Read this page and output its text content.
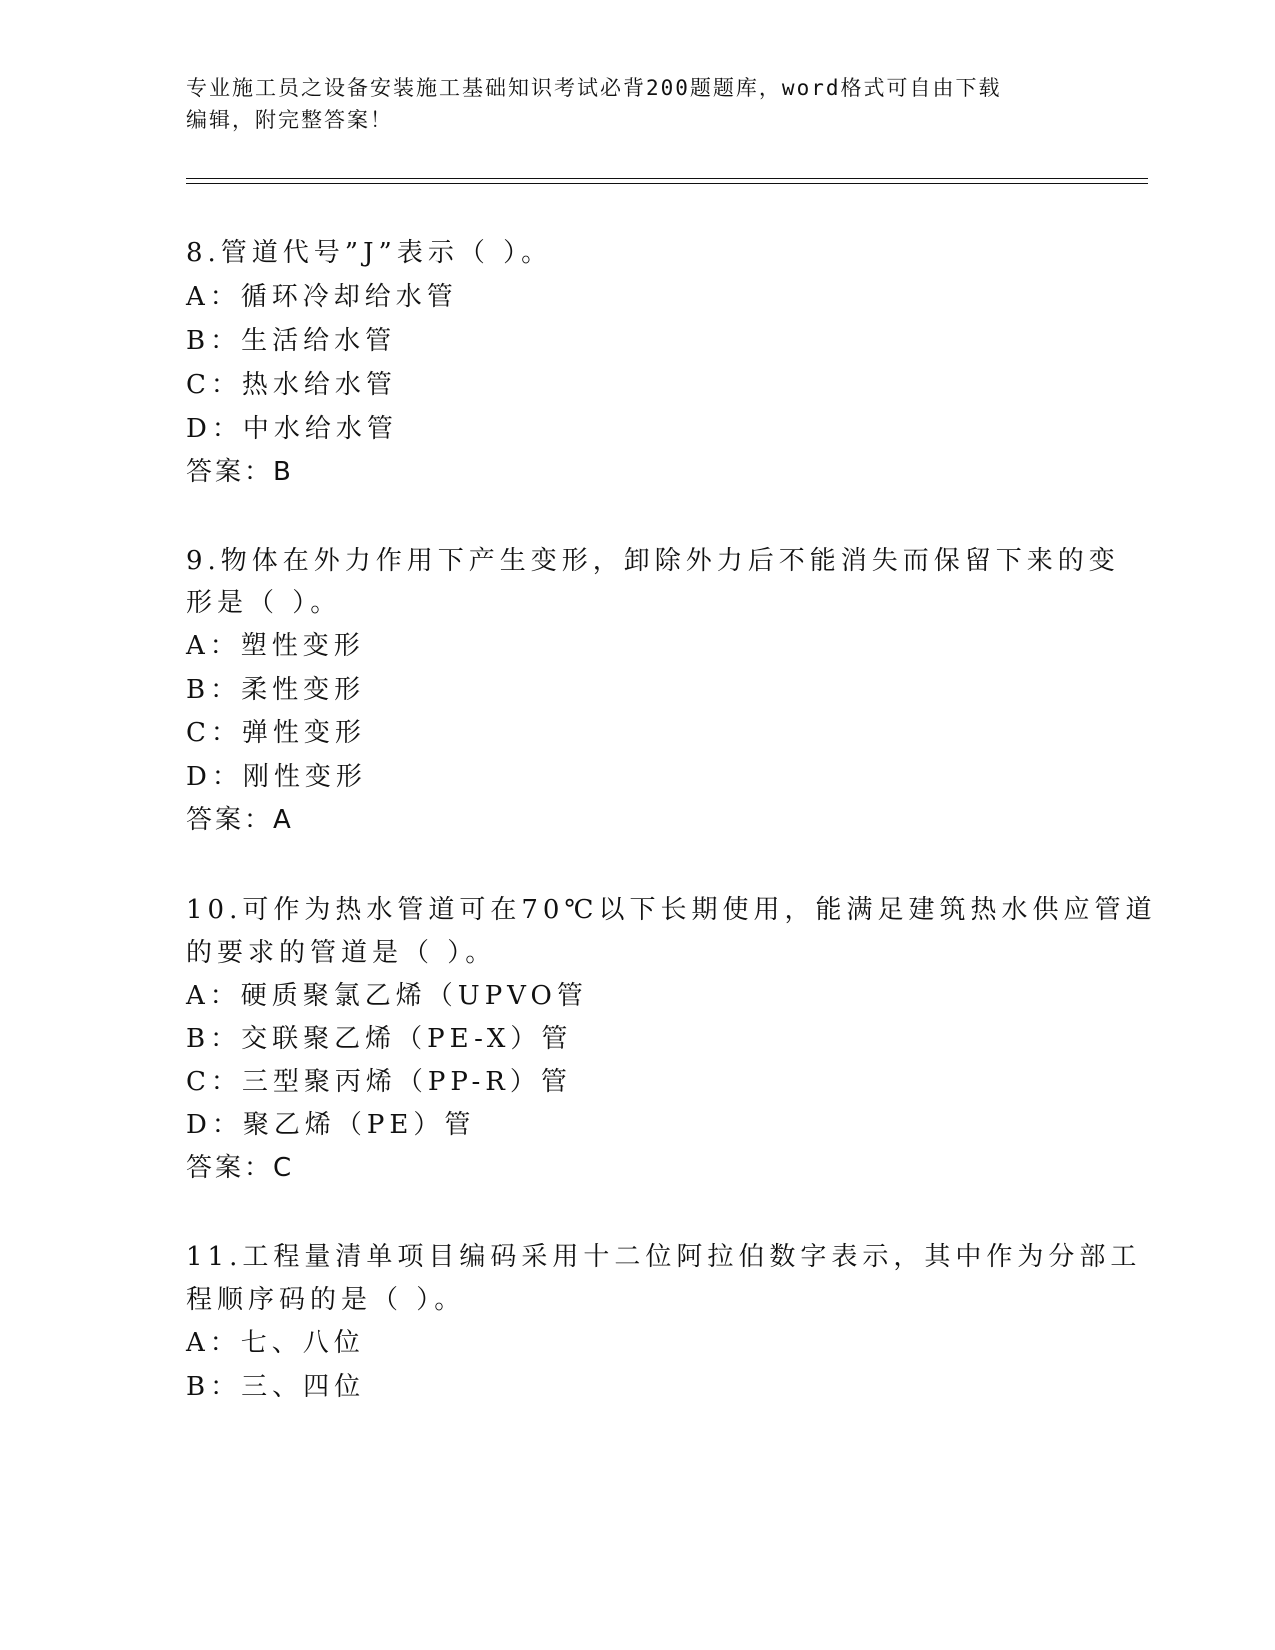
专业施工员之设备安装施工基础知识考试必背200题题库，word格式可自由下载
编辑，附完整答案！
8.管道代号”J”表示（ ）。
A：循环冷却给水管
B：生活给水管
C：热水给水管
D：中水给水管
答案：B
9.物体在外力作用下产生变形，卸除外力后不能消失而保留下来的变
形是（ ）。
A：塑性变形
B：柔性变形
C：弹性变形
D：刚性变形
答案：A
10.可作为热水管道可在70℃以下长期使用，能满足建筑热水供应管道
的要求的管道是（ ）。
A：硬质聚氯乙烯（UPVO管
B：交联聚乙烯（PE-X）管
C：三型聚丙烯（PP-R）管
D：聚乙烯（PE）管
答案：C
11.工程量清单项目编码采用十二位阿拉伯数字表示，其中作为分部工
程顺序码的是（ ）。
A：七、八位
B：三、四位
